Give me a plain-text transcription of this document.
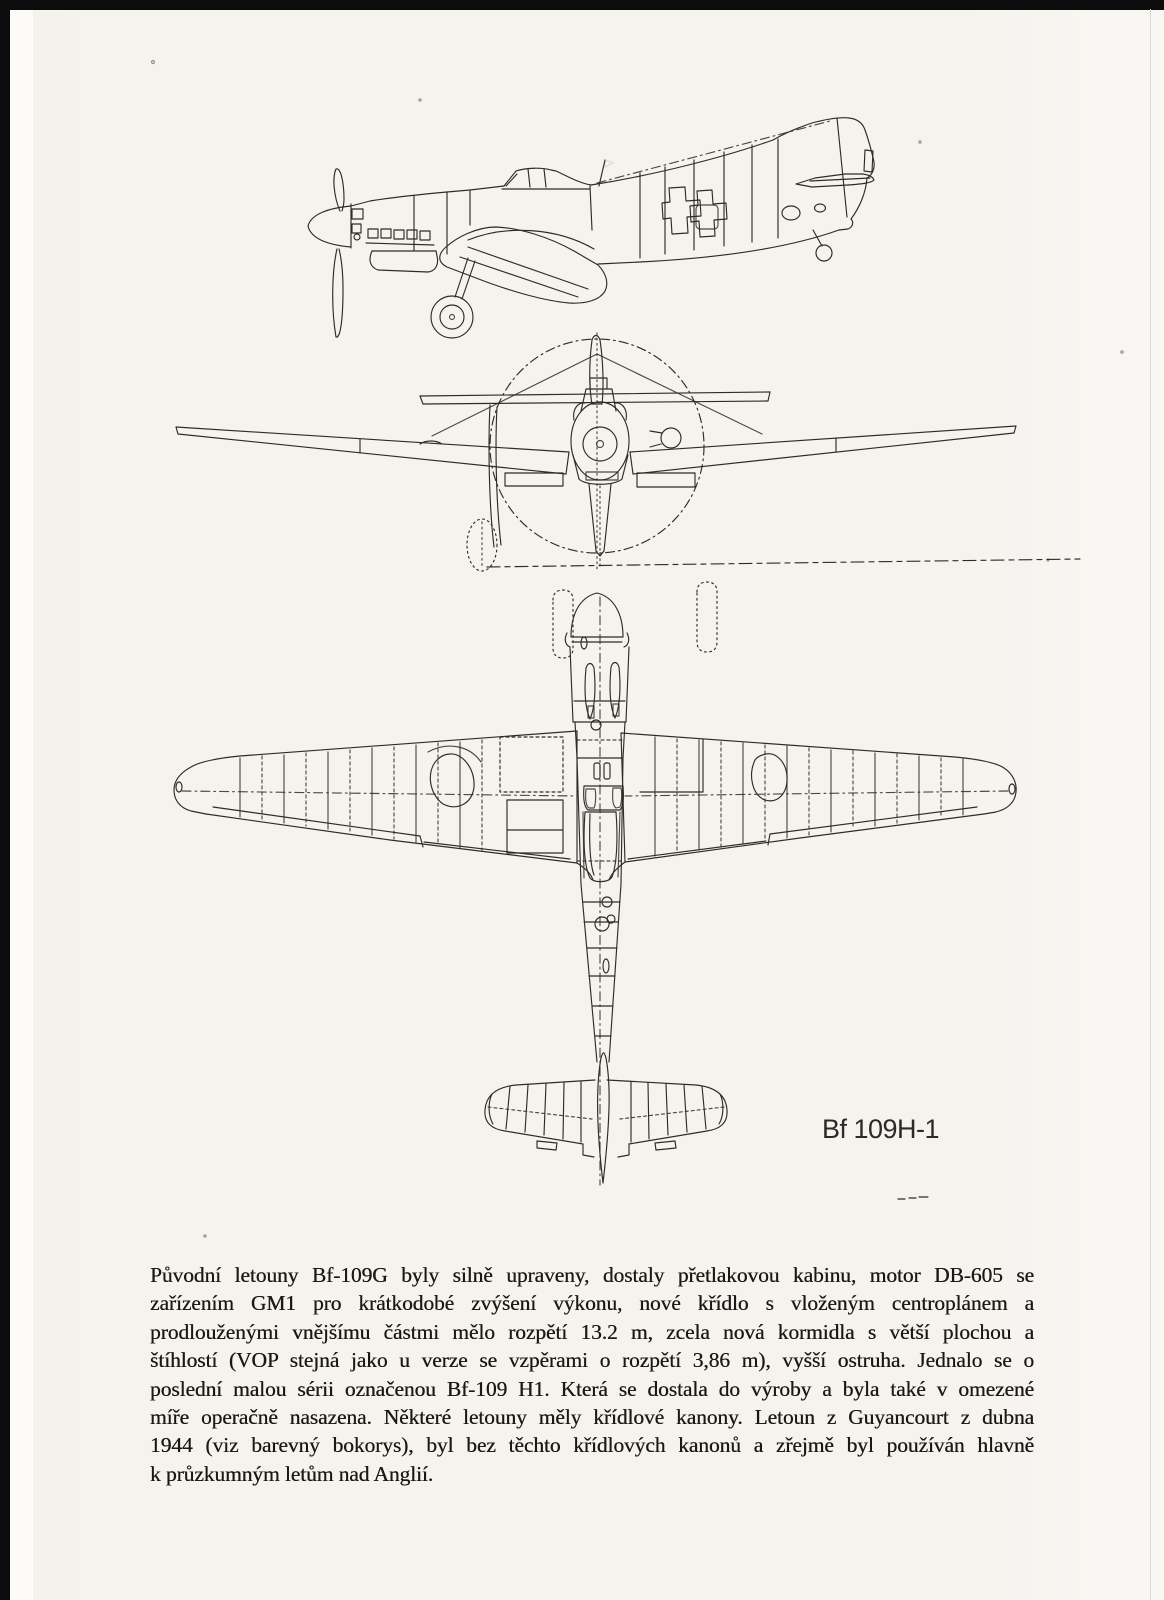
Bf 109H-1
Původní letouny Bf-109G byly silně upraveny, dostaly přetlakovou kabinu, motor DB-605 se
zařízením GM1 pro krátkodobé zvýšení výkonu, nové křídlo s vloženým centroplánem a
prodlouženými vnějšímu částmi mělo rozpětí 13.2 m, zcela nová kormidla s větší plochou a
štíhlostí (VOP stejná jako u verze se vzpěrami o rozpětí 3,86 m), vyšší ostruha. Jednalo se o
poslední malou sérii označenou Bf-109 H1. Která se dostala do výroby a byla také v omezené
míře operačně nasazena. Některé letouny měly křídlové kanony. Letoun z Guyancourt z dubna
1944 (viz barevný bokorys), byl bez těchto křídlových kanonů a zřejmě byl používán hlavně
k průzkumným letům nad Anglií.
